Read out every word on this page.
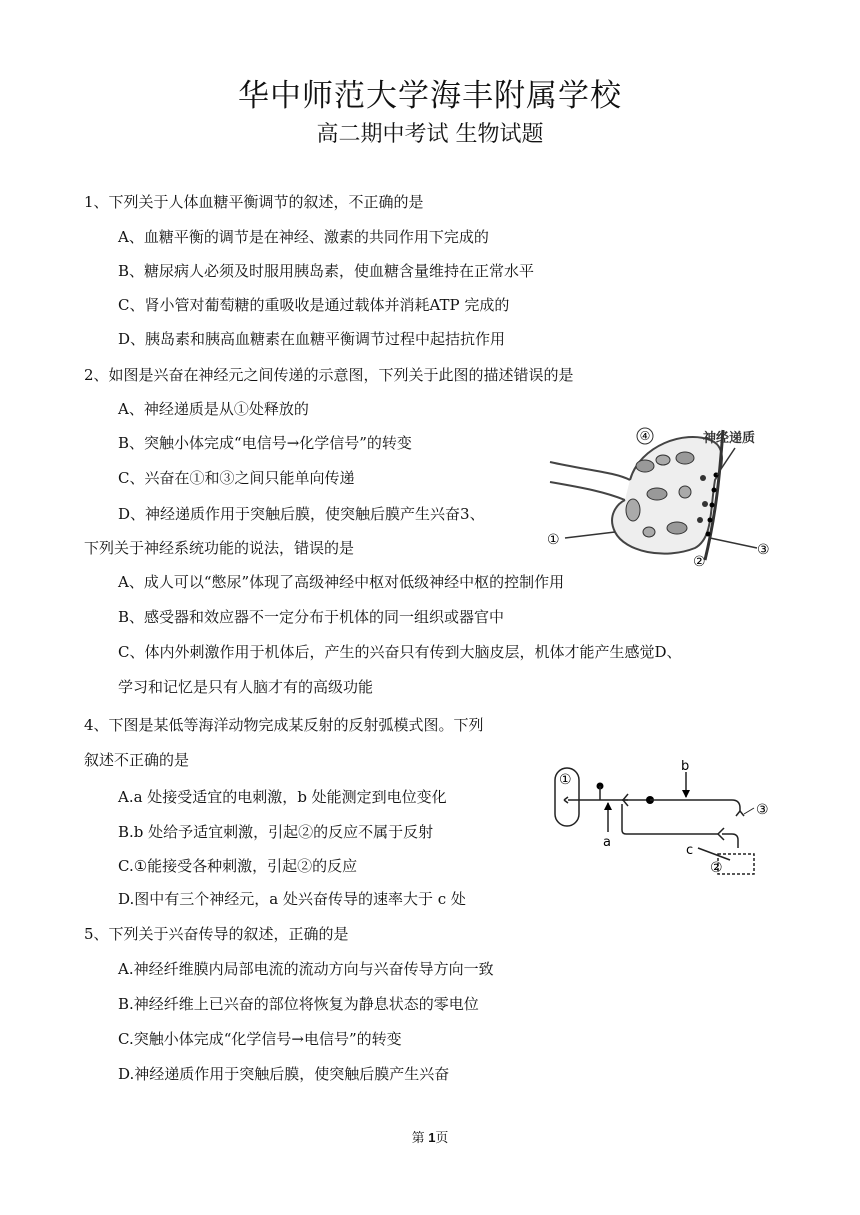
华中师范大学海丰附属学校
高二期中考试 生物试题
1、下列关于人体血糖平衡调节的叙述，不正确的是
A、血糖平衡的调节是在神经、激素的共同作用下完成的
B、糖尿病人必须及时服用胰岛素，使血糖含量维持在正常水平
C、肾小管对葡萄糖的重吸收是通过载体并消耗ATP 完成的
D、胰岛素和胰高血糖素在血糖平衡调节过程中起拮抗作用
2、如图是兴奋在神经元之间传递的示意图，下列关于此图的描述错误的是
A、神经递质是从①处释放的
B、突触小体完成“电信号→化学信号”的转变
C、兴奋在①和③之间只能单向传递
D、神经递质作用于突触后膜，使突触后膜产生兴奋3、
下列关于神经系统功能的说法，错误的是
A、成人可以“憋尿”体现了高级神经中枢对低级神经中枢的控制作用
B、感受器和效应器不一定分布于机体的同一组织或器官中
C、体内外刺激作用于机体后，产生的兴奋只有传到大脑皮层，机体才能产生感觉D、
学习和记忆是只有人脑才有的高级功能
4、下图是某低等海洋动物完成某反射的反射弧模式图。下列
叙述不正确的是
A.a 处接受适宜的电刺激，b 处能测定到电位变化
B.b 处给予适宜刺激，引起②的反应不属于反射
C.①能接受各种刺激，引起②的反应
D.图中有三个神经元，a 处兴奋传导的速率大于 c 处
5、下列关于兴奋传导的叙述，正确的是
A.神经纤维膜内局部电流的流动方向与兴奋传导方向一致
B.神经纤维上已兴奋的部位将恢复为静息状态的零电位
C.突触小体完成“化学信号→电信号”的转变
D.神经递质作用于突触后膜，使突触后膜产生兴奋
④	神经递质
①
②
③
①
a
b
③
②
c
第 1页
